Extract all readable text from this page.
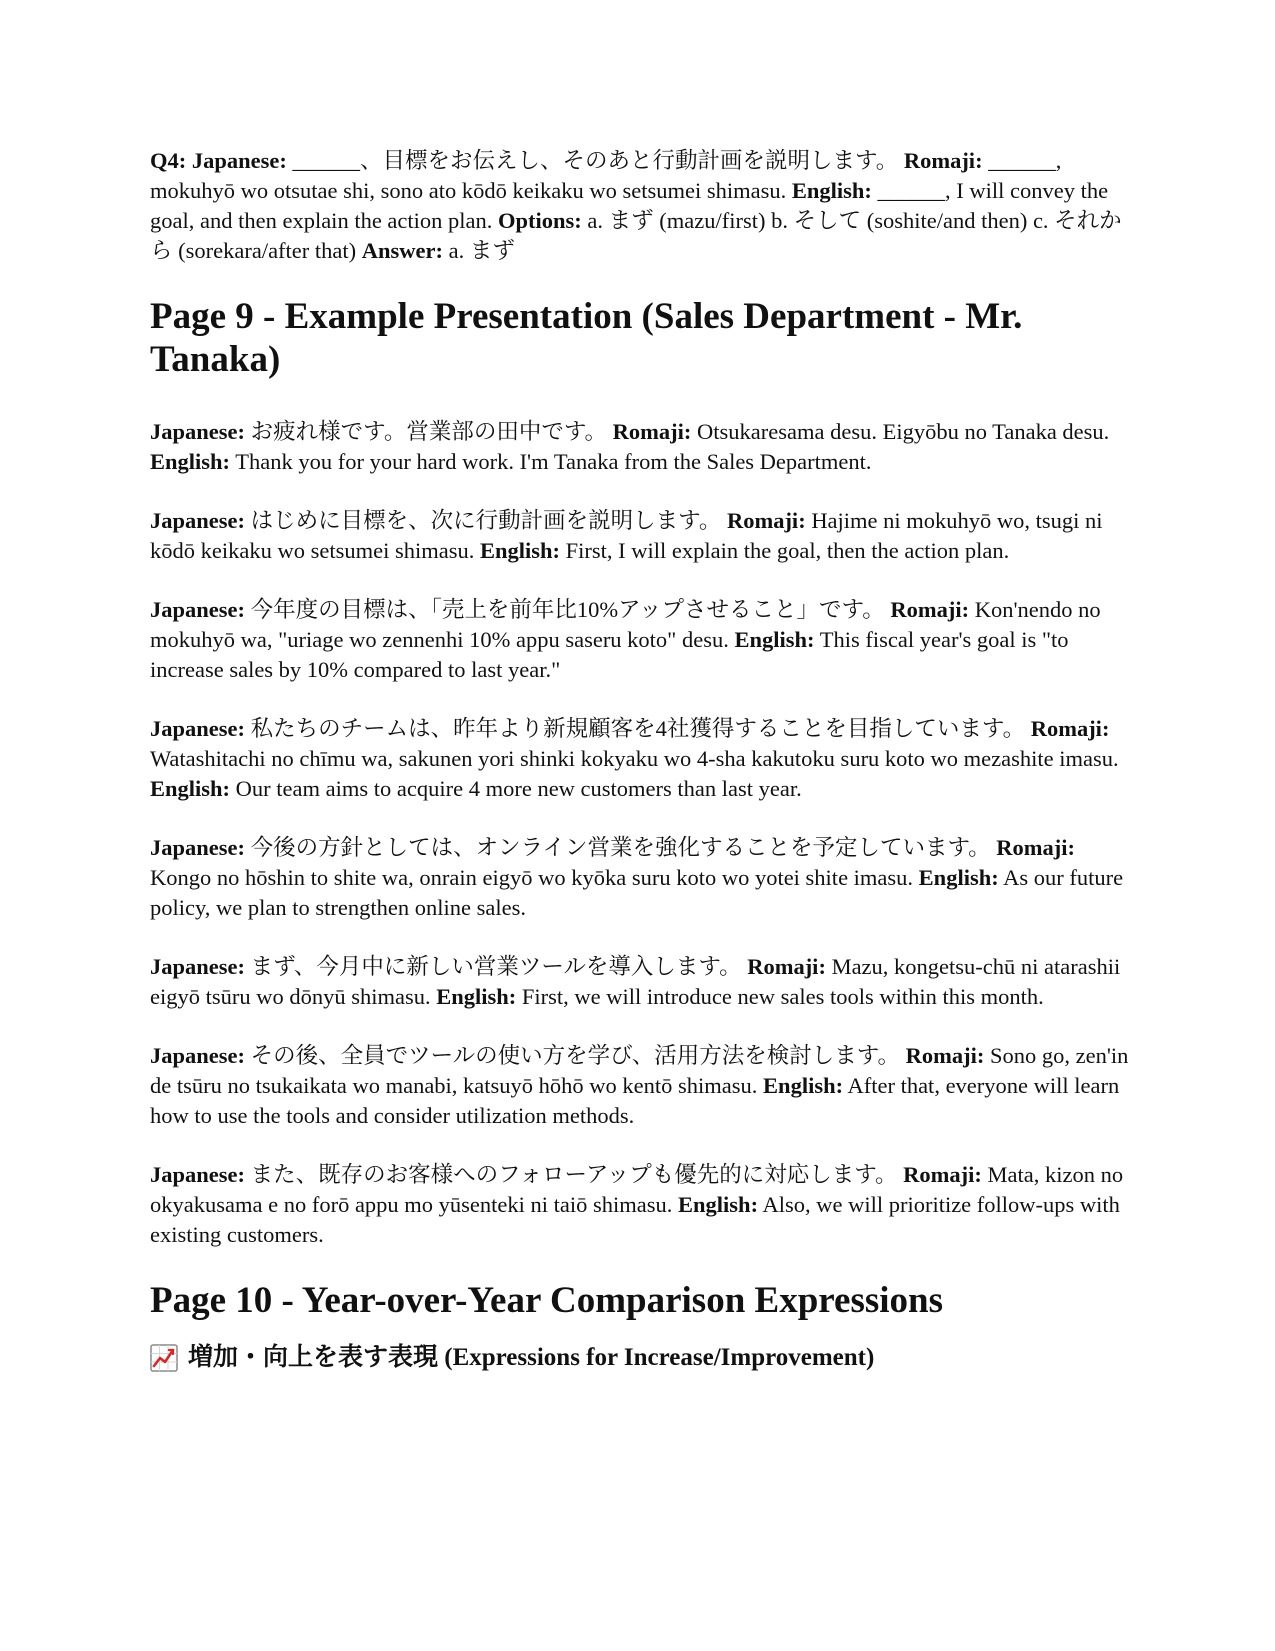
Q4: Japanese: ______、目標をお伝えし、そのあと行動計画を説明します。 Romaji: ______, mokuhyō wo otsutae shi, sono ato kōdō keikaku wo setsumei shimasu. English: ______, I will convey the goal, and then explain the action plan. Options: a. まず (mazu/first) b. そして (soshite/and then) c. それから (sorekara/after that) Answer: a. まず

Page 9 - Example Presentation (Sales Department - Mr. Tanaka)

Japanese: お疲れ様です。営業部の田中です。 Romaji: Otsukaresama desu. Eigyōbu no Tanaka desu. English: Thank you for your hard work. I'm Tanaka from the Sales Department.

Japanese: はじめに目標を、次に行動計画を説明します。 Romaji: Hajime ni mokuhyō wo, tsugi ni kōdō keikaku wo setsumei shimasu. English: First, I will explain the goal, then the action plan.

Japanese: 今年度の目標は、「売上を前年比10%アップさせること」です。 Romaji: Kon'nendo no mokuhyō wa, "uriage wo zennenhi 10% appu saseru koto" desu. English: This fiscal year's goal is "to increase sales by 10% compared to last year."

Japanese: 私たちのチームは、昨年より新規顧客を4社獲得することを目指しています。 Romaji: Watashitachi no chīmu wa, sakunen yori shinki kokyaku wo 4-sha kakutoku suru koto wo mezashite imasu. English: Our team aims to acquire 4 more new customers than last year.

Japanese: 今後の方針としては、オンライン営業を強化することを予定しています。 Romaji: Kongo no hōshin to shite wa, onrain eigyō wo kyōka suru koto wo yotei shite imasu. English: As our future policy, we plan to strengthen online sales.

Japanese: まず、今月中に新しい営業ツールを導入します。 Romaji: Mazu, kongetsu-chū ni atarashii eigyō tsūru wo dōnyū shimasu. English: First, we will introduce new sales tools within this month.

Japanese: その後、全員でツールの使い方を学び、活用方法を検討します。 Romaji: Sono go, zen'in de tsūru no tsukaikata wo manabi, katsuyō hōhō wo kentō shimasu. English: After that, everyone will learn how to use the tools and consider utilization methods.

Japanese: また、既存のお客様へのフォローアップも優先的に対応します。 Romaji: Mata, kizon no okyakusama e no forō appu mo yūsenteki ni taiō shimasu. English: Also, we will prioritize follow-ups with existing customers.

Page 10 - Year-over-Year Comparison Expressions
増加・向上を表す表現 (Expressions for Increase/Improvement)
